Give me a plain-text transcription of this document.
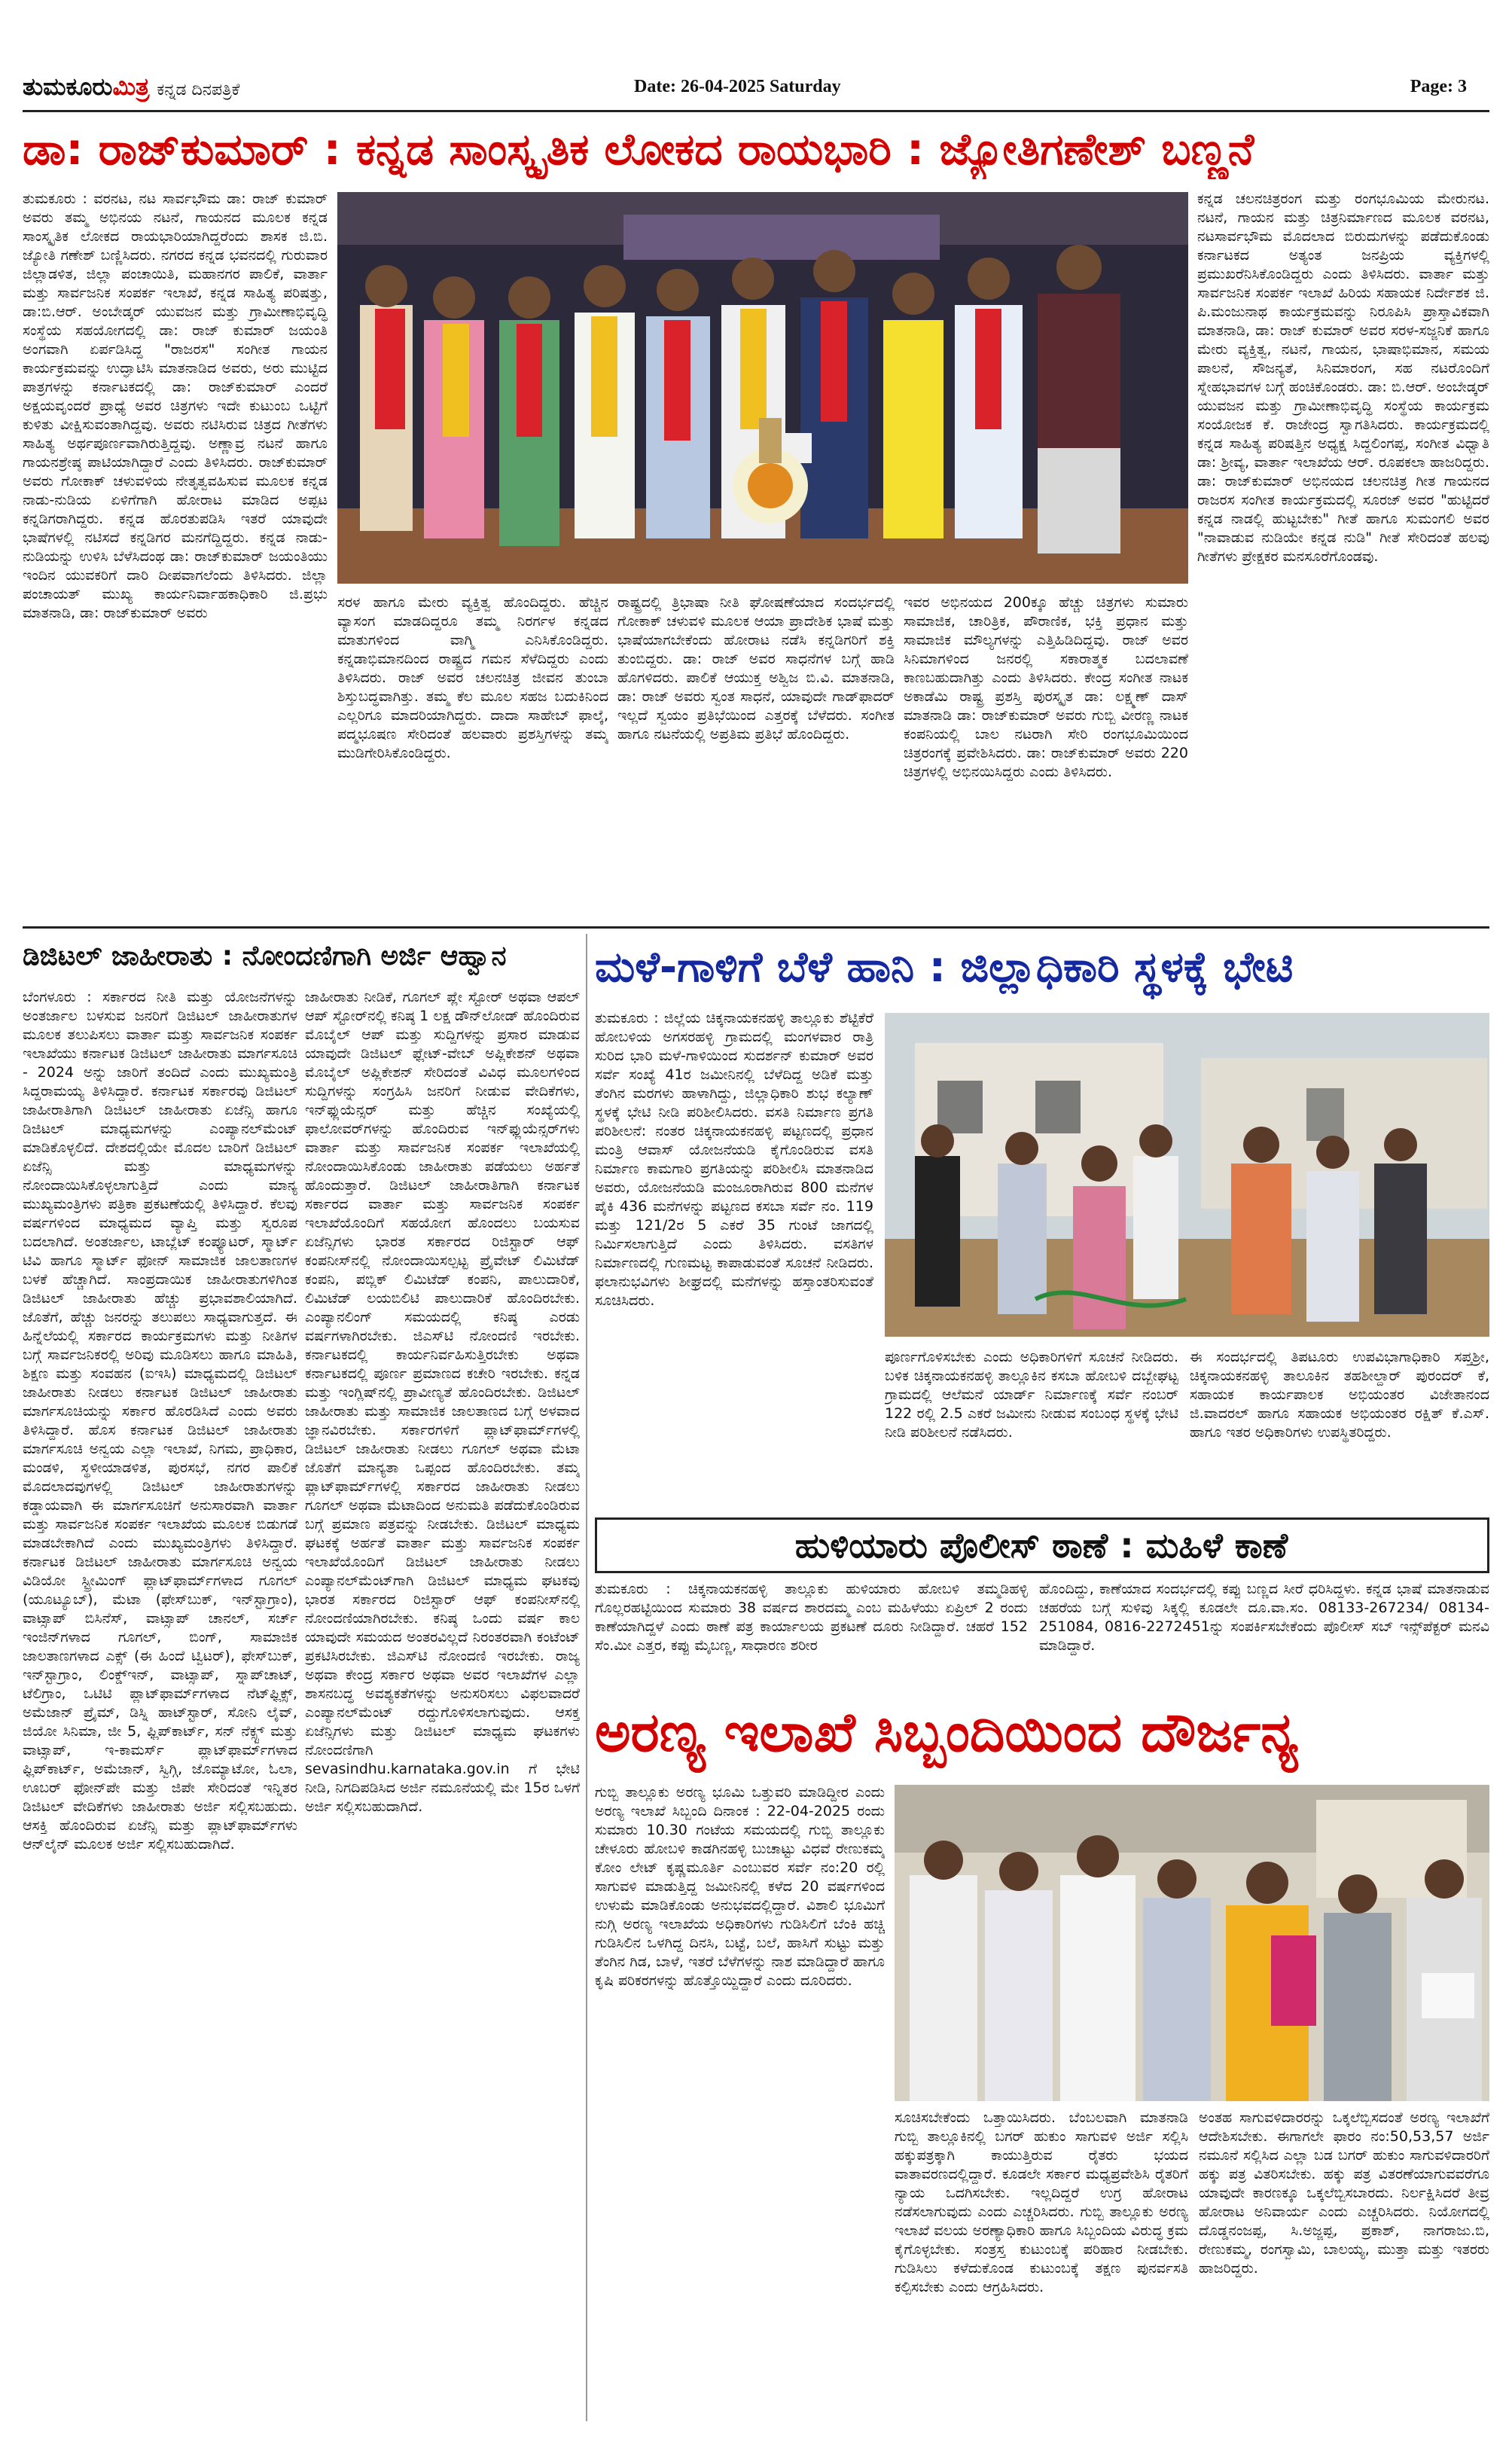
ತುಮಕೂರುಮಿತ್ರ ಕನ್ನಡ ದಿನಪತ್ರಿಕೆ	Date: 26-04-2025 Saturday	Page: 3
ಡಾ: ರಾಜ್‌ಕುಮಾರ್ : ಕನ್ನಡ ಸಾಂಸ್ಕೃತಿಕ ಲೋಕದ ರಾಯಭಾರಿ : ಜ್ಯೋತಿಗಣೇಶ್ ಬಣ್ಣನೆ
ತುಮಕೂರು : ವರನಟ, ನಟ ಸಾರ್ವಭೌಮ ಡಾ: ರಾಜ್ ಕುಮಾರ್ ಅವರು ತಮ್ಮ ಅಭಿನಯ ನಟನೆ, ಗಾಯನದ ಮೂಲಕ ಕನ್ನಡ ಸಾಂಸ್ಕೃತಿಕ ಲೋಕದ ರಾಯಭಾರಿಯಾಗಿದ್ದರೆಂದು ಶಾಸಕ ಜಿ.ಬಿ. ಜ್ಯೋತಿ ಗಣೇಶ್ ಬಣ್ಣಿಸಿದರು. ನಗರದ ಕನ್ನಡ ಭವನದಲ್ಲಿ ಗುರುವಾರ ಜಿಲ್ಲಾಡಳಿತ, ಜಿಲ್ಲಾ ಪಂಚಾಯಿತಿ, ಮಹಾನಗರ ಪಾಲಿಕೆ, ವಾರ್ತಾ ಮತ್ತು ಸಾರ್ವಜನಿಕ ಸಂಪರ್ಕ ಇಲಾಖೆ, ಕನ್ನಡ ಸಾಹಿತ್ಯ ಪರಿಷತ್ತು, ಡಾ:ಬಿ.ಆರ್. ಅಂಬೇಡ್ಕರ್ ಯುವಜನ ಮತ್ತು ಗ್ರಾಮೀಣಾಭಿವೃದ್ಧಿ ಸಂಸ್ಥೆಯ ಸಹಯೋಗದಲ್ಲಿ ಡಾ: ರಾಜ್ ಕುಮಾರ್ ಜಯಂತಿ ಅಂಗವಾಗಿ ಏರ್ಪಡಿಸಿದ್ದ "ರಾಜರಸ" ಸಂಗೀತ ಗಾಯನ ಕಾರ್ಯಕ್ರಮವನ್ನು ಉದ್ಘಾಟಿಸಿ ಮಾತನಾಡಿದ ಅವರು, ಅರು ಮುಟ್ಟಿದ ಪಾತ್ರಗಳನ್ನು ಕರ್ನಾಟಕದಲ್ಲಿ ಡಾ: ರಾಜ್‌ಕುಮಾರ್ ಎಂದರೆ ಅಕ್ಷಯವೃಂದರೆ ಪ್ರಾಧ್ಯೆ ಅವರ ಚಿತ್ರಗಳು ಇದೇ ಕುಟುಂಬ ಒಟ್ಟಿಗೆ ಕುಳಿತು ವೀಕ್ಷಿಸುವಂತಾಗಿದ್ದವು. ಅವರು ನಟಿಸಿರುವ ಚಿತ್ರದ ಗೀತೆಗಳು ಸಾಹಿತ್ಯ ಅರ್ಥಪೂರ್ಣವಾಗಿರುತ್ತಿದ್ದವು. ಅಣ್ಣಾವ್ರ ನಟನೆ ಹಾಗೂ ಗಾಯನಶ್ರೇಷ್ಠ ಪಾಟಿಯಾಗಿದ್ದಾರೆ ಎಂದು ತಿಳಿಸಿದರು. ರಾಜ್‌ಕುಮಾರ್ ಅವರು ಗೋಕಾಕ್ ಚಳುವಳಿಯ ನೇತೃತ್ವವಹಿಸುವ ಮೂಲಕ ಕನ್ನಡ ನಾಡು-ನುಡಿಯ ಏಳಿಗೆಗಾಗಿ ಹೋರಾಟ ಮಾಡಿದ ಅಪ್ಪಟ ಕನ್ನಡಿಗರಾಗಿದ್ದರು. ಕನ್ನಡ ಹೊರತುಪಡಿಸಿ ಇತರೆ ಯಾವುದೇ ಭಾಷೆಗಳಲ್ಲಿ ನಟಿಸದೆ ಕನ್ನಡಿಗರ ಮನಗೆದ್ದಿದ್ದರು. ಕನ್ನಡ ನಾಡು-ನುಡಿಯನ್ನು ಉಳಿಸಿ ಬೆಳೆಸಿದಂಥ ಡಾ: ರಾಜ್‌ಕುಮಾರ್ ಜಯಂತಿಯು ಇಂದಿನ ಯುವಕರಿಗೆ ದಾರಿ ದೀಪವಾಗಲೆಂದು ತಿಳಿಸಿದರು. ಜಿಲ್ಲಾ ಪಂಚಾಯತ್ ಮುಖ್ಯ ಕಾರ್ಯನಿರ್ವಾಹಕಾಧಿಕಾರಿ ಜಿ.ಪ್ರಭು ಮಾತನಾಡಿ, ಡಾ: ರಾಜ್‌ಕುಮಾರ್ ಅವರು
ಕನ್ನಡ ಚಲನಚಿತ್ರರಂಗ ಮತ್ತು ರಂಗಭೂಮಿಯ ಮೇರುನಟ. ನಟನೆ, ಗಾಯನ ಮತ್ತು ಚಿತ್ರನಿರ್ಮಾಣದ ಮೂಲಕ ವರನಟ, ನಟಸಾರ್ವಭೌಮ ಮೊದಲಾದ ಬಿರುದುಗಳನ್ನು ಪಡೆದುಕೊಂಡು ಕರ್ನಾಟಕದ ಅತ್ಯಂತ ಜನಪ್ರಿಯ ವ್ಯಕ್ತಿಗಳಲ್ಲಿ ಪ್ರಮುಖರೆನಿಸಿಕೊಂಡಿದ್ದರು ಎಂದು ತಿಳಿಸಿದರು. ವಾರ್ತಾ ಮತ್ತು ಸಾರ್ವಜನಿಕ ಸಂಪರ್ಕ ಇಲಾಖೆ ಹಿರಿಯ ಸಹಾಯಕ ನಿರ್ದೇಶಕ ಜಿ. ಪಿ.ಮಂಜುನಾಥ ಕಾರ್ಯಕ್ರಮವನ್ನು ನಿರೂಪಿಸಿ ಪ್ರಾಸ್ತಾವಿಕವಾಗಿ ಮಾತನಾಡಿ, ಡಾ: ರಾಜ್ ಕುಮಾರ್ ಅವರ ಸರಳ-ಸಜ್ಜನಿಕೆ ಹಾಗೂ ಮೇರು ವ್ಯಕ್ತಿತ್ವ, ನಟನೆ, ಗಾಯನ, ಭಾಷಾಭಿಮಾನ, ಸಮಯ ಪಾಲನೆ, ಸೌಜನ್ಯತೆ, ಸಿನಿಮಾರಂಗ, ಸಹ ನಟರೊಂದಿಗೆ ಸ್ನೇಹಭಾವಗಳ ಬಗ್ಗೆ ಹಂಚಿಕೊಂಡರು. ಡಾ: ಬಿ.ಆರ್. ಅಂಬೇಡ್ಕರ್ ಯುವಜನ ಮತ್ತು ಗ್ರಾಮೀಣಾಭಿವೃದ್ಧಿ ಸಂಸ್ಥೆಯ ಕಾರ್ಯಕ್ರಮ ಸಂಯೋಜಕ ಕೆ. ರಾಜೇಂದ್ರ ಸ್ವಾಗತಿಸಿದರು. ಕಾರ್ಯಕ್ರಮದಲ್ಲಿ ಕನ್ನಡ ಸಾಹಿತ್ಯ ಪರಿಷತ್ತಿನ ಅಧ್ಯಕ್ಷ ಸಿದ್ದಲಿಂಗಪ್ಪ, ಸಂಗೀತ ವಿಧ್ವಾತಿ ಡಾ: ಶ್ರೀವ್ಯ, ವಾರ್ತಾ ಇಲಾಖೆಯ ಆರ್. ರೂಪಕಲಾ ಹಾಜರಿದ್ದರು. ಡಾ: ರಾಜ್‌ಕುಮಾರ್ ಅಭಿನಯದ ಚಲನಚಿತ್ರ ಗೀತ ಗಾಯನದ ರಾಜರಸ ಸಂಗೀತ ಕಾರ್ಯಕ್ರಮದಲ್ಲಿ ಸೂರಜ್ ಅವರ "ಹುಟ್ಟಿದರೆ ಕನ್ನಡ ನಾಡಲ್ಲಿ ಹುಟ್ಟಬೇಕು" ಗೀತೆ ಹಾಗೂ ಸುಮಂಗಲಿ ಅವರ "ನಾವಾಡುವ ನುಡಿಯೇ ಕನ್ನಡ ನುಡಿ" ಗೀತೆ ಸೇರಿದಂತೆ ಹಲವು ಗೀತೆಗಳು ಪ್ರೇಕ್ಷಕರ ಮನಸೂರೆಗೊಂಡವು.
ಸರಳ ಹಾಗೂ ಮೇರು ವ್ಯಕ್ತಿತ್ವ ಹೊಂದಿದ್ದರು. ಹೆಚ್ಚಿನ ವ್ಯಾಸಂಗ ಮಾಡದಿದ್ದರೂ ತಮ್ಮ ನಿರರ್ಗಳ ಕನ್ನಡದ ಮಾತುಗಳಿಂದ ವಾಗ್ಮಿ ಎನಿಸಿಕೊಂಡಿದ್ದರು. ಕನ್ನಡಾಭಿಮಾನದಿಂದ ರಾಷ್ಟ್ರದ ಗಮನ ಸೆಳೆದಿದ್ದರು ಎಂದು ತಿಳಿಸಿದರು. ರಾಜ್ ಅವರ ಚಲನಚಿತ್ರ ಜೀವನ ತುಂಬಾ ಶಿಸ್ತುಬದ್ಧವಾಗಿತ್ತು. ತಮ್ಮ ಕೆಲ ಮೂಲ ಸಹಜ ಬದುಕಿನಿಂದ ಎಲ್ಲರಿಗೂ ಮಾದರಿಯಾಗಿದ್ದರು. ದಾದಾ ಸಾಹೇಬ್ ಫಾಲ್ಕೆ, ಪದ್ಮಭೂಷಣ ಸೇರಿದಂತೆ ಹಲವಾರು ಪ್ರಶಸ್ತಿಗಳನ್ನು ತಮ್ಮ ಮುಡಿಗೇರಿಸಿಕೊಂಡಿದ್ದರು.
ರಾಷ್ಟ್ರದಲ್ಲಿ ತ್ರಿಭಾಷಾ ನೀತಿ ಘೋಷಣೆಯಾದ ಸಂದರ್ಭದಲ್ಲಿ ಗೋಕಾಕ್ ಚಳುವಳಿ ಮೂಲಕ ಆಯಾ ಪ್ರಾದೇಶಿಕ ಭಾಷೆ ಮತ್ತು ಭಾಷೆಯಾಗಬೇಕೆಂದು ಹೋರಾಟ ನಡೆಸಿ ಕನ್ನಡಿಗರಿಗೆ ಶಕ್ತಿ ತುಂಬಿದ್ದರು. ಡಾ: ರಾಜ್ ಅವರ ಸಾಧನೆಗಳ ಬಗ್ಗೆ ಹಾಡಿ ಹೊಗಳಿದರು. ಪಾಲಿಕೆ ಆಯುಕ್ತ ಅಶ್ವಿಜ ಬಿ.ವಿ. ಮಾತನಾಡಿ, ಡಾ: ರಾಜ್ ಅವರು ಸ್ವಂತ ಸಾಧನೆ, ಯಾವುದೇ ಗಾಡ್‌ಫಾದರ್ ಇಲ್ಲದೆ ಸ್ವಯಂ ಪ್ರತಿಭೆಯಿಂದ ಎತ್ತರಕ್ಕೆ ಬೆಳೆದರು. ಸಂಗೀತ ಹಾಗೂ ನಟನೆಯಲ್ಲಿ ಅಪ್ರತಿಮ ಪ್ರತಿಭೆ ಹೊಂದಿದ್ದರು.
ಇವರ ಅಭಿನಯದ 200ಕ್ಕೂ ಹೆಚ್ಚು ಚಿತ್ರಗಳು ಸುಮಾರು ಸಾಮಾಜಿಕ, ಚಾರಿತ್ರಿಕ, ಪೌರಾಣಿಕ, ಭಕ್ತಿ ಪ್ರಧಾನ ಮತ್ತು ಸಾಮಾಜಿಕ ಮೌಲ್ಯಗಳನ್ನು ಎತ್ತಿಹಿಡಿದಿದ್ದವು. ರಾಜ್ ಅವರ ಸಿನಿಮಾಗಳಿಂದ ಜನರಲ್ಲಿ ಸಕಾರಾತ್ಮಕ ಬದಲಾವಣೆ ಕಾಣಬಹುದಾಗಿತ್ತು ಎಂದು ತಿಳಿಸಿದರು. ಕೇಂದ್ರ ಸಂಗೀತ ನಾಟಕ ಅಕಾಡೆಮಿ ರಾಷ್ಟ್ರ ಪ್ರಶಸ್ತಿ ಪುರಸ್ಕೃತ ಡಾ: ಲಕ್ಷ್ಮಣ್ ದಾಸ್ ಮಾತನಾಡಿ ಡಾ: ರಾಜ್‌ಕುಮಾರ್ ಅವರು ಗುಬ್ಬಿ ವೀರಣ್ಣ ನಾಟಕ ಕಂಪನಿಯಲ್ಲಿ ಬಾಲ ನಟರಾಗಿ ಸೇರಿ ರಂಗಭೂಮಿಯಿಂದ ಚಿತ್ರರಂಗಕ್ಕೆ ಪ್ರವೇಶಿಸಿದರು. ಡಾ: ರಾಜ್‌ಕುಮಾರ್ ಅವರು 220 ಚಿತ್ರಗಳಲ್ಲಿ ಅಭಿನಯಿಸಿದ್ದರು ಎಂದು ತಿಳಿಸಿದರು.
ಡಿಜಿಟಲ್ ಜಾಹೀರಾತು : ನೋಂದಣಿಗಾಗಿ ಅರ್ಜಿ ಆಹ್ವಾನ
ಬೆಂಗಳೂರು : ಸರ್ಕಾರದ ನೀತಿ ಮತ್ತು ಯೋಜನೆಗಳನ್ನು ಅಂತರ್ಜಾಲ ಬಳಸುವ ಜನರಿಗೆ ಡಿಜಿಟಲ್ ಜಾಹೀರಾತುಗಳ ಮೂಲಕ ತಲುಪಿಸಲು ವಾರ್ತಾ ಮತ್ತು ಸಾರ್ವಜನಿಕ ಸಂಪರ್ಕ ಇಲಾಖೆಯು ಕರ್ನಾಟಕ ಡಿಜಿಟಲ್ ಜಾಹೀರಾತು ಮಾರ್ಗಸೂಚಿ - 2024 ಅನ್ನು ಜಾರಿಗೆ ತಂದಿದೆ ಎಂದು ಮುಖ್ಯಮಂತ್ರಿ ಸಿದ್ದರಾಮಯ್ಯ ತಿಳಿಸಿದ್ದಾರೆ. ಕರ್ನಾಟಕ ಸರ್ಕಾರವು ಡಿಜಿಟಲ್ ಜಾಹೀರಾತಿಗಾಗಿ ಡಿಜಿಟಲ್ ಜಾಹೀರಾತು ಏಜೆನ್ಸಿ ಹಾಗೂ ಡಿಜಿಟಲ್ ಮಾಧ್ಯಮಗಳನ್ನು ಎಂಪ್ಯಾನಲ್‌ಮೆಂಟ್ ಮಾಡಿಕೊಳ್ಳಲಿದೆ. ದೇಶದಲ್ಲಿಯೇ ಮೊದಲ ಬಾರಿಗೆ ಡಿಜಿಟಲ್ ಏಜೆನ್ಸಿ ಮತ್ತು ಮಾಧ್ಯಮಗಳನ್ನು ನೋಂದಾಯಿಸಿಕೊಳ್ಳಲಾಗುತ್ತಿದೆ ಎಂದು ಮಾನ್ಯ ಮುಖ್ಯಮಂತ್ರಿಗಳು ಪತ್ರಿಕಾ ಪ್ರಕಟಣೆಯಲ್ಲಿ ತಿಳಿಸಿದ್ದಾರೆ. ಕೆಲವು ವರ್ಷಗಳಿಂದ ಮಾಧ್ಯಮದ ವ್ಯಾಪ್ತಿ ಮತ್ತು ಸ್ವರೂಪ ಬದಲಾಗಿದೆ. ಅಂತರ್ಜಾಲ, ಟಾಬ್ಲೆಟ್ ಕಂಪ್ಯೂಟರ್, ಸ್ಮಾರ್ಟ್ ಟಿವಿ ಹಾಗೂ ಸ್ಮಾರ್ಟ್ ಫೋನ್ ಸಾಮಾಜಿಕ ಜಾಲತಾಣಗಳ ಬಳಕೆ ಹೆಚ್ಚಾಗಿದೆ. ಸಾಂಪ್ರದಾಯಿಕ ಜಾಹೀರಾತುಗಳಿಗಿಂತ ಡಿಜಿಟಲ್ ಜಾಹೀರಾತು ಹೆಚ್ಚು ಪ್ರಭಾವಶಾಲಿಯಾಗಿದೆ. ಜೊತೆಗೆ, ಹೆಚ್ಚು ಜನರನ್ನು ತಲುಪಲು ಸಾಧ್ಯವಾಗುತ್ತದೆ. ಈ ಹಿನ್ನೆಲೆಯಲ್ಲಿ ಸರ್ಕಾರದ ಕಾರ್ಯಕ್ರಮಗಳು ಮತ್ತು ನೀತಿಗಳ ಬಗ್ಗೆ ಸಾರ್ವಜನಿಕರಲ್ಲಿ ಅರಿವು ಮೂಡಿಸಲು ಹಾಗೂ ಮಾಹಿತಿ, ಶಿಕ್ಷಣ ಮತ್ತು ಸಂವಹನ (ಐಇಸಿ) ಮಾಧ್ಯಮದಲ್ಲಿ ಡಿಜಿಟಲ್ ಜಾಹೀರಾತು ನೀಡಲು ಕರ್ನಾಟಕ ಡಿಜಿಟಲ್ ಜಾಹೀರಾತು ಮಾರ್ಗಸೂಚಿಯನ್ನು ಸರ್ಕಾರ ಹೊರಡಿಸಿದೆ ಎಂದು ಅವರು ತಿಳಿಸಿದ್ದಾರೆ. ಹೊಸ ಕರ್ನಾಟಕ ಡಿಜಿಟಲ್ ಜಾಹೀರಾತು ಮಾರ್ಗಸೂಚಿ ಅನ್ವಯ ಎಲ್ಲಾ ಇಲಾಖೆ, ನಿಗಮ, ಪ್ರಾಧಿಕಾರ, ಮಂಡಳಿ, ಸ್ಥಳೀಯಾಡಳಿತ, ಪುರಸಭೆ, ನಗರ ಪಾಲಿಕೆ ಮೊದಲಾದವುಗಳಲ್ಲಿ ಡಿಜಿಟಲ್ ಜಾಹೀರಾತುಗಳನ್ನು ಕಡ್ಡಾಯವಾಗಿ ಈ ಮಾರ್ಗಸೂಚಿಗೆ ಅನುಸಾರವಾಗಿ ವಾರ್ತಾ ಮತ್ತು ಸಾರ್ವಜನಿಕ ಸಂಪರ್ಕ ಇಲಾಖೆಯ ಮೂಲಕ ಬಿಡುಗಡೆ ಮಾಡಬೇಕಾಗಿದೆ ಎಂದು ಮುಖ್ಯಮಂತ್ರಿಗಳು ತಿಳಿಸಿದ್ದಾರೆ. ಕರ್ನಾಟಕ ಡಿಜಿಟಲ್ ಜಾಹೀರಾತು ಮಾರ್ಗಸೂಚಿ ಅನ್ವಯ ವಿಡಿಯೋ ಸ್ಟ್ರೀಮಿಂಗ್ ಪ್ಲಾಟ್‌ಫಾರ್ಮ್‌ಗಳಾದ ಗೂಗಲ್ (ಯೂಟ್ಯೂಬ್), ಮೆಟಾ (ಫೇಸ್‌ಬುಕ್, ಇನ್‌ಸ್ಟಾಗ್ರಾಂ), ವಾಟ್ಸಾಪ್ ಬಿಸಿನೆಸ್, ವಾಟ್ಸಾಪ್ ಚಾನಲ್, ಸರ್ಚ್ ಇಂಜಿನ್‌ಗಳಾದ ಗೂಗಲ್, ಬಿಂಗ್, ಸಾಮಾಜಿಕ ಜಾಲತಾಣಗಳಾದ ಎಕ್ಸ್ (ಈ ಹಿಂದೆ ಟ್ವಿಟರ್), ಫೇಸ್‌ಬುಕ್, ಇನ್‌ಸ್ಟಾಗ್ರಾಂ, ಲಿಂಕ್ಡ್‌ಇನ್, ವಾಟ್ಸಾಪ್, ಸ್ನಾಪ್‌ಚಾಟ್, ಟೆಲಿಗ್ರಾಂ, ಒಟಿಟಿ ಪ್ಲಾಟ್‌ಫಾರ್ಮ್‌ಗಳಾದ ನೆಟ್‌ಫ್ಲಿಕ್ಸ್, ಅಮೆಜಾನ್ ಪ್ರೈಮ್, ಡಿಸ್ನಿ ಹಾಟ್‌ಸ್ಟಾರ್, ಸೋನಿ ಲೈವ್, ಜಿಯೋ ಸಿನಿಮಾ, ಜೀ 5, ಫ್ಲಿಪ್‌ಕಾರ್ಟ್, ಸನ್ ನೆಕ್ಸ್ಟ್ ಮತ್ತು ವಾಟ್ಸಾಪ್, ಇ-ಕಾಮರ್ಸ್ ಪ್ಲಾಟ್‌ಫಾರ್ಮ್‌ಗಳಾದ ಫ್ಲಿಪ್‌ಕಾರ್ಟ್, ಅಮೆಜಾನ್, ಸ್ವಿಗ್ಗಿ, ಜೊಮ್ಯಾಟೋ, ಓಲಾ, ಊಬರ್ ಫೋನ್‌ಪೇ ಮತ್ತು ಜಿಪೇ ಸೇರಿದಂತೆ ಇನ್ನಿತರ ಡಿಜಿಟಲ್ ವೇದಿಕೆಗಳು ಜಾಹೀರಾತು ಅರ್ಜಿ ಸಲ್ಲಿಸಬಹುದು. ಆಸಕ್ತಿ ಹೊಂದಿರುವ ಏಜೆನ್ಸಿ ಮತ್ತು ಪ್ಲಾಟ್‌ಫಾರ್ಮ್‌ಗಳು ಆನ್‌ಲೈನ್ ಮೂಲಕ ಅರ್ಜಿ ಸಲ್ಲಿಸಬಹುದಾಗಿದೆ.
ಜಾಹೀರಾತು ನೀಡಿಕೆ, ಗೂಗಲ್ ಪ್ಲೇ ಸ್ಟೋರ್ ಅಥವಾ ಆಪಲ್ ಆಪ್ ಸ್ಟೋರ್‌ನಲ್ಲಿ ಕನಿಷ್ಠ 1 ಲಕ್ಷ ಡೌನ್‌ಲೋಡ್ ಹೊಂದಿರುವ ಮೊಬೈಲ್ ಆಪ್ ಮತ್ತು ಸುದ್ದಿಗಳನ್ನು ಪ್ರಸಾರ ಮಾಡುವ ಯಾವುದೇ ಡಿಜಿಟಲ್ ಫ್ಲೇಟ್-ವೇಬ್ ಅಪ್ಲಿಕೇಶನ್ ಅಥವಾ ಮೊಬೈಲ್ ಅಪ್ಲಿಕೇಶನ್ ಸೇರಿದಂತೆ ವಿವಿಧ ಮೂಲಗಳಿಂದ ಸುದ್ದಿಗಳನ್ನು ಸಂಗ್ರಹಿಸಿ ಜನರಿಗೆ ನೀಡುವ ವೇದಿಕೆಗಳು, ಇನ್‌ಫ್ಲುಯೆನ್ಸರ್ ಮತ್ತು ಹೆಚ್ಚಿನ ಸಂಖ್ಯೆಯಲ್ಲಿ ಫಾಲೋವರ್‌ಗಳನ್ನು ಹೊಂದಿರುವ ಇನ್‌ಫ್ಲುಯೆನ್ಸರ್‌ಗಳು ವಾರ್ತಾ ಮತ್ತು ಸಾರ್ವಜನಿಕ ಸಂಪರ್ಕ ಇಲಾಖೆಯಲ್ಲಿ ನೋಂದಾಯಿಸಿಕೊಂಡು ಜಾಹೀರಾತು ಪಡೆಯಲು ಅರ್ಹತೆ ಹೊಂದುತ್ತಾರೆ. ಡಿಜಿಟಲ್ ಜಾಹೀರಾತಿಗಾಗಿ ಕರ್ನಾಟಕ ಸರ್ಕಾರದ ವಾರ್ತಾ ಮತ್ತು ಸಾರ್ವಜನಿಕ ಸಂಪರ್ಕ ಇಲಾಖೆಯೊಂದಿಗೆ ಸಹಯೋಗ ಹೊಂದಲು ಬಯಸುವ ಏಜೆನ್ಸಿಗಳು ಭಾರತ ಸರ್ಕಾರದ ರಿಜಿಸ್ಟಾರ್ ಆಫ್ ಕಂಪನೀಸ್‌ನಲ್ಲಿ ನೋಂದಾಯಿಸಲ್ಪಟ್ಟ ಪ್ರೈವೇಟ್ ಲಿಮಿಟೆಡ್ ಕಂಪನಿ, ಪಬ್ಲಿಕ್ ಲಿಮಿಟೆಡ್ ಕಂಪನಿ, ಪಾಲುದಾರಿಕೆ, ಲಿಮಿಟೆಡ್ ಲಯಬಿಲಿಟಿ ಪಾಲುದಾರಿಕೆ ಹೊಂದಿರಬೇಕು. ಎಂಪ್ಯಾನಲಿಂಗ್ ಸಮಯದಲ್ಲಿ ಕನಿಷ್ಠ ಎರಡು ವರ್ಷಗಳಾಗಿರಬೇಕು. ಜಿಎಸ್‌ಟಿ ನೋಂದಣಿ ಇರಬೇಕು. ಕರ್ನಾಟಕದಲ್ಲಿ ಕಾರ್ಯನಿರ್ವಹಿಸುತ್ತಿರಬೇಕು ಅಥವಾ ಕರ್ನಾಟಕದಲ್ಲಿ ಪೂರ್ಣ ಪ್ರಮಾಣದ ಕಚೇರಿ ಇರಬೇಕು. ಕನ್ನಡ ಮತ್ತು ಇಂಗ್ಲಿಷ್‌ನಲ್ಲಿ ಪ್ರಾವೀಣ್ಯತೆ ಹೊಂದಿರಬೇಕು. ಡಿಜಿಟಲ್ ಜಾಹೀರಾತು ಮತ್ತು ಸಾಮಾಜಿಕ ಜಾಲತಾಣದ ಬಗ್ಗೆ ಅಳವಾದ ಜ್ಞಾನವಿರಬೇಕು. ಸರ್ಕಾರಗಳಿಗೆ ಪ್ಲಾಟ್‌ಫಾರ್ಮ್‌ಗಳಲ್ಲಿ ಡಿಜಿಟಲ್ ಜಾಹೀರಾತು ನೀಡಲು ಗೂಗಲ್ ಅಥವಾ ಮೆಟಾ ಜೊತೆಗೆ ಮಾನ್ಯತಾ ಒಪ್ಪಂದ ಹೊಂದಿರಬೇಕು. ತಮ್ಮ ಪ್ಲಾಟ್‌ಫಾರ್ಮ್‌ಗಳಲ್ಲಿ ಸರ್ಕಾರದ ಜಾಹೀರಾತು ನೀಡಲು ಗೂಗಲ್ ಅಥವಾ ಮೆಟಾದಿಂದ ಅನುಮತಿ ಪಡೆದುಕೊಂಡಿರುವ ಬಗ್ಗೆ ಪ್ರಮಾಣ ಪತ್ರವನ್ನು ನೀಡಬೇಕು. ಡಿಜಿಟಲ್ ಮಾಧ್ಯಮ ಘಟಕಕ್ಕೆ ಅರ್ಹತೆ ವಾರ್ತಾ ಮತ್ತು ಸಾರ್ವಜನಿಕ ಸಂಪರ್ಕ ಇಲಾಖೆಯೊಂದಿಗೆ ಡಿಜಿಟಲ್ ಜಾಹೀರಾತು ನೀಡಲು ಎಂಪ್ಯಾನಲ್‌ಮೆಂಟ್‌ಗಾಗಿ ಡಿಜಿಟಲ್ ಮಾಧ್ಯಮ ಘಟಕವು ಭಾರತ ಸರ್ಕಾರದ ರಿಜಿಸ್ಟಾರ್ ಆಫ್ ಕಂಪನೀಸ್‌ನಲ್ಲಿ ನೋಂದಣಿಯಾಗಿರಬೇಕು. ಕನಿಷ್ಠ ಒಂದು ವರ್ಷ ಕಾಲ ಯಾವುದೇ ಸಮಯದ ಅಂತರವಿಲ್ಲದೆ ನಿರಂತರವಾಗಿ ಕಂಟೆಂಟ್ ಪ್ರಕಟಿಸಿರಬೇಕು. ಜಿಎಸ್‌ಟಿ ನೋಂದಣಿ ಇರಬೇಕು. ರಾಜ್ಯ ಅಥವಾ ಕೇಂದ್ರ ಸರ್ಕಾರ ಅಥವಾ ಅವರ ಇಲಾಖೆಗಳ ಎಲ್ಲಾ ಶಾಸನಬದ್ಧ ಅವಶ್ಯಕತೆಗಳನ್ನು ಅನುಸರಿಸಲು ವಿಫಲವಾದರೆ ಎಂಪ್ಯಾನಲ್‌ಮೆಂಟ್ ರದ್ದುಗೊಳಿಸಲಾಗುವುದು. ಆಸಕ್ತ ಏಜೆನ್ಸಿಗಳು ಮತ್ತು ಡಿಜಿಟಲ್ ಮಾಧ್ಯಮ ಘಟಕಗಳು ನೋಂದಣಿಗಾಗಿ sevasindhu.karnataka.gov.in ಗೆ ಭೇಟಿ ನೀಡಿ, ನಿಗದಿಪಡಿಸಿದ ಅರ್ಜಿ ನಮೂನೆಯಲ್ಲಿ ಮೇ 15ರ ಒಳಗೆ ಅರ್ಜಿ ಸಲ್ಲಿಸಬಹುದಾಗಿದೆ.
ಮಳೆ-ಗಾಳಿಗೆ ಬೆಳೆ ಹಾನಿ : ಜಿಲ್ಲಾಧಿಕಾರಿ ಸ್ಥಳಕ್ಕೆ ಭೇಟಿ
ತುಮಕೂರು : ಜಿಲ್ಲೆಯ ಚಿಕ್ಕನಾಯಕನಹಳ್ಳಿ ತಾಲ್ಲೂಕು ಶೆಟ್ಟಿಕೆರೆ ಹೋಬಳಿಯ ಅಗಸರಹಳ್ಳಿ ಗ್ರಾಮದಲ್ಲಿ ಮಂಗಳವಾರ ರಾತ್ರಿ ಸುರಿದ ಭಾರಿ ಮಳೆ-ಗಾಳಿಯಿಂದ ಸುದರ್ಶನ್ ಕುಮಾರ್ ಅವರ ಸರ್ವೆ ಸಂಖ್ಯೆ 41ರ ಜಮೀನಿನಲ್ಲಿ ಬೆಳೆದಿದ್ದ ಅಡಿಕೆ ಮತ್ತು ತೆಂಗಿನ ಮರಗಳು ಹಾಳಾಗಿದ್ದು, ಜಿಲ್ಲಾಧಿಕಾರಿ ಶುಭ ಕಲ್ಯಾಣ್ ಸ್ಥಳಕ್ಕೆ ಭೇಟಿ ನೀಡಿ ಪರಿಶೀಲಿಸಿದರು. ವಸತಿ ನಿರ್ಮಾಣ ಪ್ರಗತಿ ಪರಿಶೀಲನೆ: ನಂತರ ಚಿಕ್ಕನಾಯಕನಹಳ್ಳಿ ಪಟ್ಟಣದಲ್ಲಿ ಪ್ರಧಾನ ಮಂತ್ರಿ ಆವಾಸ್ ಯೋಜನೆಯಡಿ ಕೈಗೊಂಡಿರುವ ವಸತಿ ನಿರ್ಮಾಣ ಕಾಮಗಾರಿ ಪ್ರಗತಿಯನ್ನು ಪರಿಶೀಲಿಸಿ ಮಾತನಾಡಿದ ಅವರು, ಯೋಜನೆಯಡಿ ಮಂಜೂರಾಗಿರುವ 800 ಮನೆಗಳ ಪೈಕಿ 436 ಮನೆಗಳನ್ನು ಪಟ್ಟಣದ ಕಸಬಾ ಸರ್ವೆ ನಂ. 119 ಮತ್ತು 121/2ರ 5 ಎಕರೆ 35 ಗುಂಟೆ ಜಾಗದಲ್ಲಿ ನಿರ್ಮಿಸಲಾಗುತ್ತಿದೆ ಎಂದು ತಿಳಿಸಿದರು. ವಸತಿಗಳ ನಿರ್ಮಾಣದಲ್ಲಿ ಗುಣಮಟ್ಟ ಕಾಪಾಡುವಂತೆ ಸೂಚನೆ ನೀಡಿದರು. ಫಲಾನುಭವಿಗಳು ಶೀಘ್ರದಲ್ಲಿ ಮನೆಗಳನ್ನು ಹಸ್ತಾಂತರಿಸುವಂತೆ ಸೂಚಿಸಿದರು.
ಪೂರ್ಣಗೊಳಿಸಬೇಕು ಎಂದು ಅಧಿಕಾರಿಗಳಿಗೆ ಸೂಚನೆ ನೀಡಿದರು. ಬಳಿಕ ಚಿಕ್ಕನಾಯಕನಹಳ್ಳಿ ತಾಲ್ಲೂಕಿನ ಕಸಬಾ ಹೋಬಳಿ ದಬ್ಬೇಘಟ್ಟ ಗ್ರಾಮದಲ್ಲಿ ಆಲೆಮನೆ ಯಾರ್ಡ್ ನಿರ್ಮಾಣಕ್ಕೆ ಸರ್ವೆ ನಂಬರ್ 122 ರಲ್ಲಿ 2.5 ಎಕರೆ ಜಮೀನು ನೀಡುವ ಸಂಬಂಧ ಸ್ಥಳಕ್ಕೆ ಭೇಟಿ ನೀಡಿ ಪರಿಶೀಲನೆ ನಡೆಸಿದರು.
ಈ ಸಂದರ್ಭದಲ್ಲಿ ತಿಪಟೂರು ಉಪವಿಭಾಗಾಧಿಕಾರಿ ಸಪ್ತಶ್ರೀ, ಚಿಕ್ಕನಾಯಕನಹಳ್ಳಿ ತಾಲೂಕಿನ ತಹಶೀಲ್ದಾರ್ ಪುರಂದರ್ ಕೆ, ಸಹಾಯಕ ಕಾರ್ಯಪಾಲಕ ಅಭಿಯಂತರ ವಿಜೇತಾನಂದ ಜಿ.ವಾದರಲ್ ಹಾಗೂ ಸಹಾಯಕ ಅಭಿಯಂತರ ರಕ್ಷಿತ್ ಕೆ.ಎಸ್. ಹಾಗೂ ಇತರ ಅಧಿಕಾರಿಗಳು ಉಪಸ್ಥಿತರಿದ್ದರು.
ಹುಳಿಯಾರು ಪೊಲೀಸ್ ಠಾಣೆ : ಮಹಿಳೆ ಕಾಣೆ
ತುಮಕೂರು : ಚಿಕ್ಕನಾಯಕನಹಳ್ಳಿ ತಾಲ್ಲೂಕು ಹುಳಿಯಾರು ಹೋಬಳಿ ತಮ್ಮಡಿಹಳ್ಳಿ ಗೊಲ್ಲರಹಟ್ಟಿಯಿಂದ ಸುಮಾರು 38 ವರ್ಷದ ಶಾರದಮ್ಮ ಎಂಬ ಮಹಿಳೆಯು ಏಪ್ರಿಲ್ 2 ರಂದು ಕಾಣೆಯಾಗಿದ್ದಳೆ ಎಂದು ಠಾಣೆ ಪತ್ರ ಕಾರ್ಯಾಲಯ ಪ್ರಕಟಣೆ ದೂರು ನೀಡಿದ್ದಾರೆ. ಚಹರೆ 152 ಸೆಂ.ಮೀ ಎತ್ತರ, ಕಪ್ಪು ಮೈಬಣ್ಣ, ಸಾಧಾರಣ ಶರೀರ
ಹೊಂದಿದ್ದು, ಕಾಣೆಯಾದ ಸಂದರ್ಭದಲ್ಲಿ ಕಪ್ಪು ಬಣ್ಣದ ಸೀರೆ ಧರಿಸಿದ್ದಳು. ಕನ್ನಡ ಭಾಷೆ ಮಾತನಾಡುವ ಚಹರೆಯ ಬಗ್ಗೆ ಸುಳಿವು ಸಿಕ್ಕಲ್ಲಿ ಕೂಡಲೇ ದೂ.ವಾ.ಸಂ. 08133-267234/ 08134-251084, 0816-2272451ನ್ನು ಸಂಪರ್ಕಿಸಬೇಕೆಂದು ಪೊಲೀಸ್ ಸಬ್ ಇನ್ಸ್‌ಪೆಕ್ಟರ್ ಮನವಿ ಮಾಡಿದ್ದಾರೆ.
ಅರಣ್ಯ ಇಲಾಖೆ ಸಿಬ್ಬಂದಿಯಿಂದ ದೌರ್ಜನ್ಯ
ಗುಬ್ಬಿ ತಾಲ್ಲೂಕು ಅರಣ್ಯ ಭೂಮಿ ಒತ್ತುವರಿ ಮಾಡಿದ್ದೀರ ಎಂದು ಅರಣ್ಯ ಇಲಾಖೆ ಸಿಬ್ಬಂದಿ ದಿನಾಂಕ : 22-04-2025 ರಂದು ಸುಮಾರು 10.30 ಗಂಟೆಯ ಸಮಯದಲ್ಲಿ ಗುಬ್ಬಿ ತಾಲ್ಲೂಕು ಚೇಳೂರು ಹೋಬಳಿ ಕಾಡಗಿನಹಳ್ಳಿ ಬುಚಾಟ್ಟು ವಿಧವೆ ರೇಣುಕಮ್ಮ ಕೋಂ ಲೇಟ್ ಕೃಷ್ಣಮೂರ್ತಿ ಎಂಬುವರ ಸರ್ವೆ ನಂ:20 ರಲ್ಲಿ ಸಾಗುವಳಿ ಮಾಡುತ್ತಿದ್ದ ಜಮೀನಿನಲ್ಲಿ ಕಳೆದ 20 ವರ್ಷಗಳಿಂದ ಉಳುಮೆ ಮಾಡಿಕೊಂಡು ಅನುಭವದಲ್ಲಿದ್ದಾರೆ. ವಿಶಾಲಿ ಭೂಮಿಗೆ ನುಗ್ಗಿ ಅರಣ್ಯ ಇಲಾಖೆಯ ಅಧಿಕಾರಿಗಳು ಗುಡಿಸಿಲಿಗೆ ಬೆಂಕಿ ಹಚ್ಚಿ ಗುಡಿಸಿಲಿನ ಒಳಗಿದ್ದ ದಿನಸಿ, ಬಟ್ಟೆ, ಬಲೆ, ಹಾಸಿಗೆ ಸುಟ್ಟು ಮತ್ತು ತೆಂಗಿನ ಗಿಡ, ಬಾಳೆ, ಇತರೆ ಬೆಳೆಗಳನ್ನು ನಾಶ ಮಾಡಿದ್ದಾರೆ ಹಾಗೂ ಕೃಷಿ ಪರಿಕರಗಳನ್ನು ಹೊತ್ತೊಯ್ದಿದ್ದಾರೆ ಎಂದು ದೂರಿದರು.
ಸೂಚಿಸಬೇಕೆಂದು ಒತ್ತಾಯಿಸಿದರು. ಬೆಂಬಲವಾಗಿ ಮಾತನಾಡಿ ಗುಬ್ಬಿ ತಾಲ್ಲೂಕಿನಲ್ಲಿ ಬಗರ್ ಹುಕುಂ ಸಾಗುವಳಿ ಅರ್ಜಿ ಸಲ್ಲಿಸಿ ಹಕ್ಕುಪತ್ರಕ್ಕಾಗಿ ಕಾಯುತ್ತಿರುವ ರೈತರು ಭಯದ ವಾತಾವರಣದಲ್ಲಿದ್ದಾರೆ. ಕೂಡಲೇ ಸರ್ಕಾರ ಮಧ್ಯಪ್ರವೇಶಿಸಿ ರೈತರಿಗೆ ನ್ಯಾಯ ಒದಗಿಸಬೇಕು. ಇಲ್ಲದಿದ್ದರೆ ಉಗ್ರ ಹೋರಾಟ ನಡೆಸಲಾಗುವುದು ಎಂದು ಎಚ್ಚರಿಸಿದರು. ಗುಬ್ಬಿ ತಾಲ್ಲೂಕು ಅರಣ್ಯ ಇಲಾಖೆ ವಲಯ ಅರಣ್ಯಾಧಿಕಾರಿ ಹಾಗೂ ಸಿಬ್ಬಂದಿಯ ವಿರುದ್ಧ ಕ್ರಮ ಕೈಗೊಳ್ಳಬೇಕು. ಸಂತ್ರಸ್ತ ಕುಟುಂಬಕ್ಕೆ ಪರಿಹಾರ ನೀಡಬೇಕು. ಗುಡಿಸಿಲು ಕಳೆದುಕೊಂಡ ಕುಟುಂಬಕ್ಕೆ ತಕ್ಷಣ ಪುನರ್ವಸತಿ ಕಲ್ಪಿಸಬೇಕು ಎಂದು ಆಗ್ರಹಿಸಿದರು.
ಅಂತಹ ಸಾಗುವಳಿದಾರರನ್ನು ಒಕ್ಕಲೆಬ್ಬಿಸದಂತೆ ಅರಣ್ಯ ಇಲಾಖೆಗೆ ಆದೇಶಿಸಬೇಕು. ಈಗಾಗಲೇ ಫಾರಂ ನಂ:50,53,57 ಅರ್ಜಿ ನಮೂನೆ ಸಲ್ಲಿಸಿದ ಎಲ್ಲಾ ಬಡ ಬಗರ್ ಹುಕುಂ ಸಾಗುವಳಿದಾರರಿಗೆ ಹಕ್ಕು ಪತ್ರ ವಿತರಿಸಬೇಕು. ಹಕ್ಕು ಪತ್ರ ವಿತರಣೆಯಾಗುವವರೆಗೂ ಯಾವುದೇ ಕಾರಣಕ್ಕೂ ಒಕ್ಕಲೆಬ್ಬಿಸಬಾರದು. ನಿರ್ಲಕ್ಷಿಸಿದರೆ ತೀವ್ರ ಹೋರಾಟ ಅನಿವಾರ್ಯ ಎಂದು ಎಚ್ಚರಿಸಿದರು. ನಿಯೋಗದಲ್ಲಿ ದೊಡ್ಡನಂಜಪ್ಪ, ಸಿ.ಅಜ್ಜಪ್ಪ, ಪ್ರಕಾಶ್, ನಾಗರಾಜು.ಬಿ, ರೇಣುಕಮ್ಮ, ರಂಗಸ್ವಾಮಿ, ಬಾಲಯ್ಯ, ಮುತ್ತಾ ಮತ್ತು ಇತರರು ಹಾಜರಿದ್ದರು.
